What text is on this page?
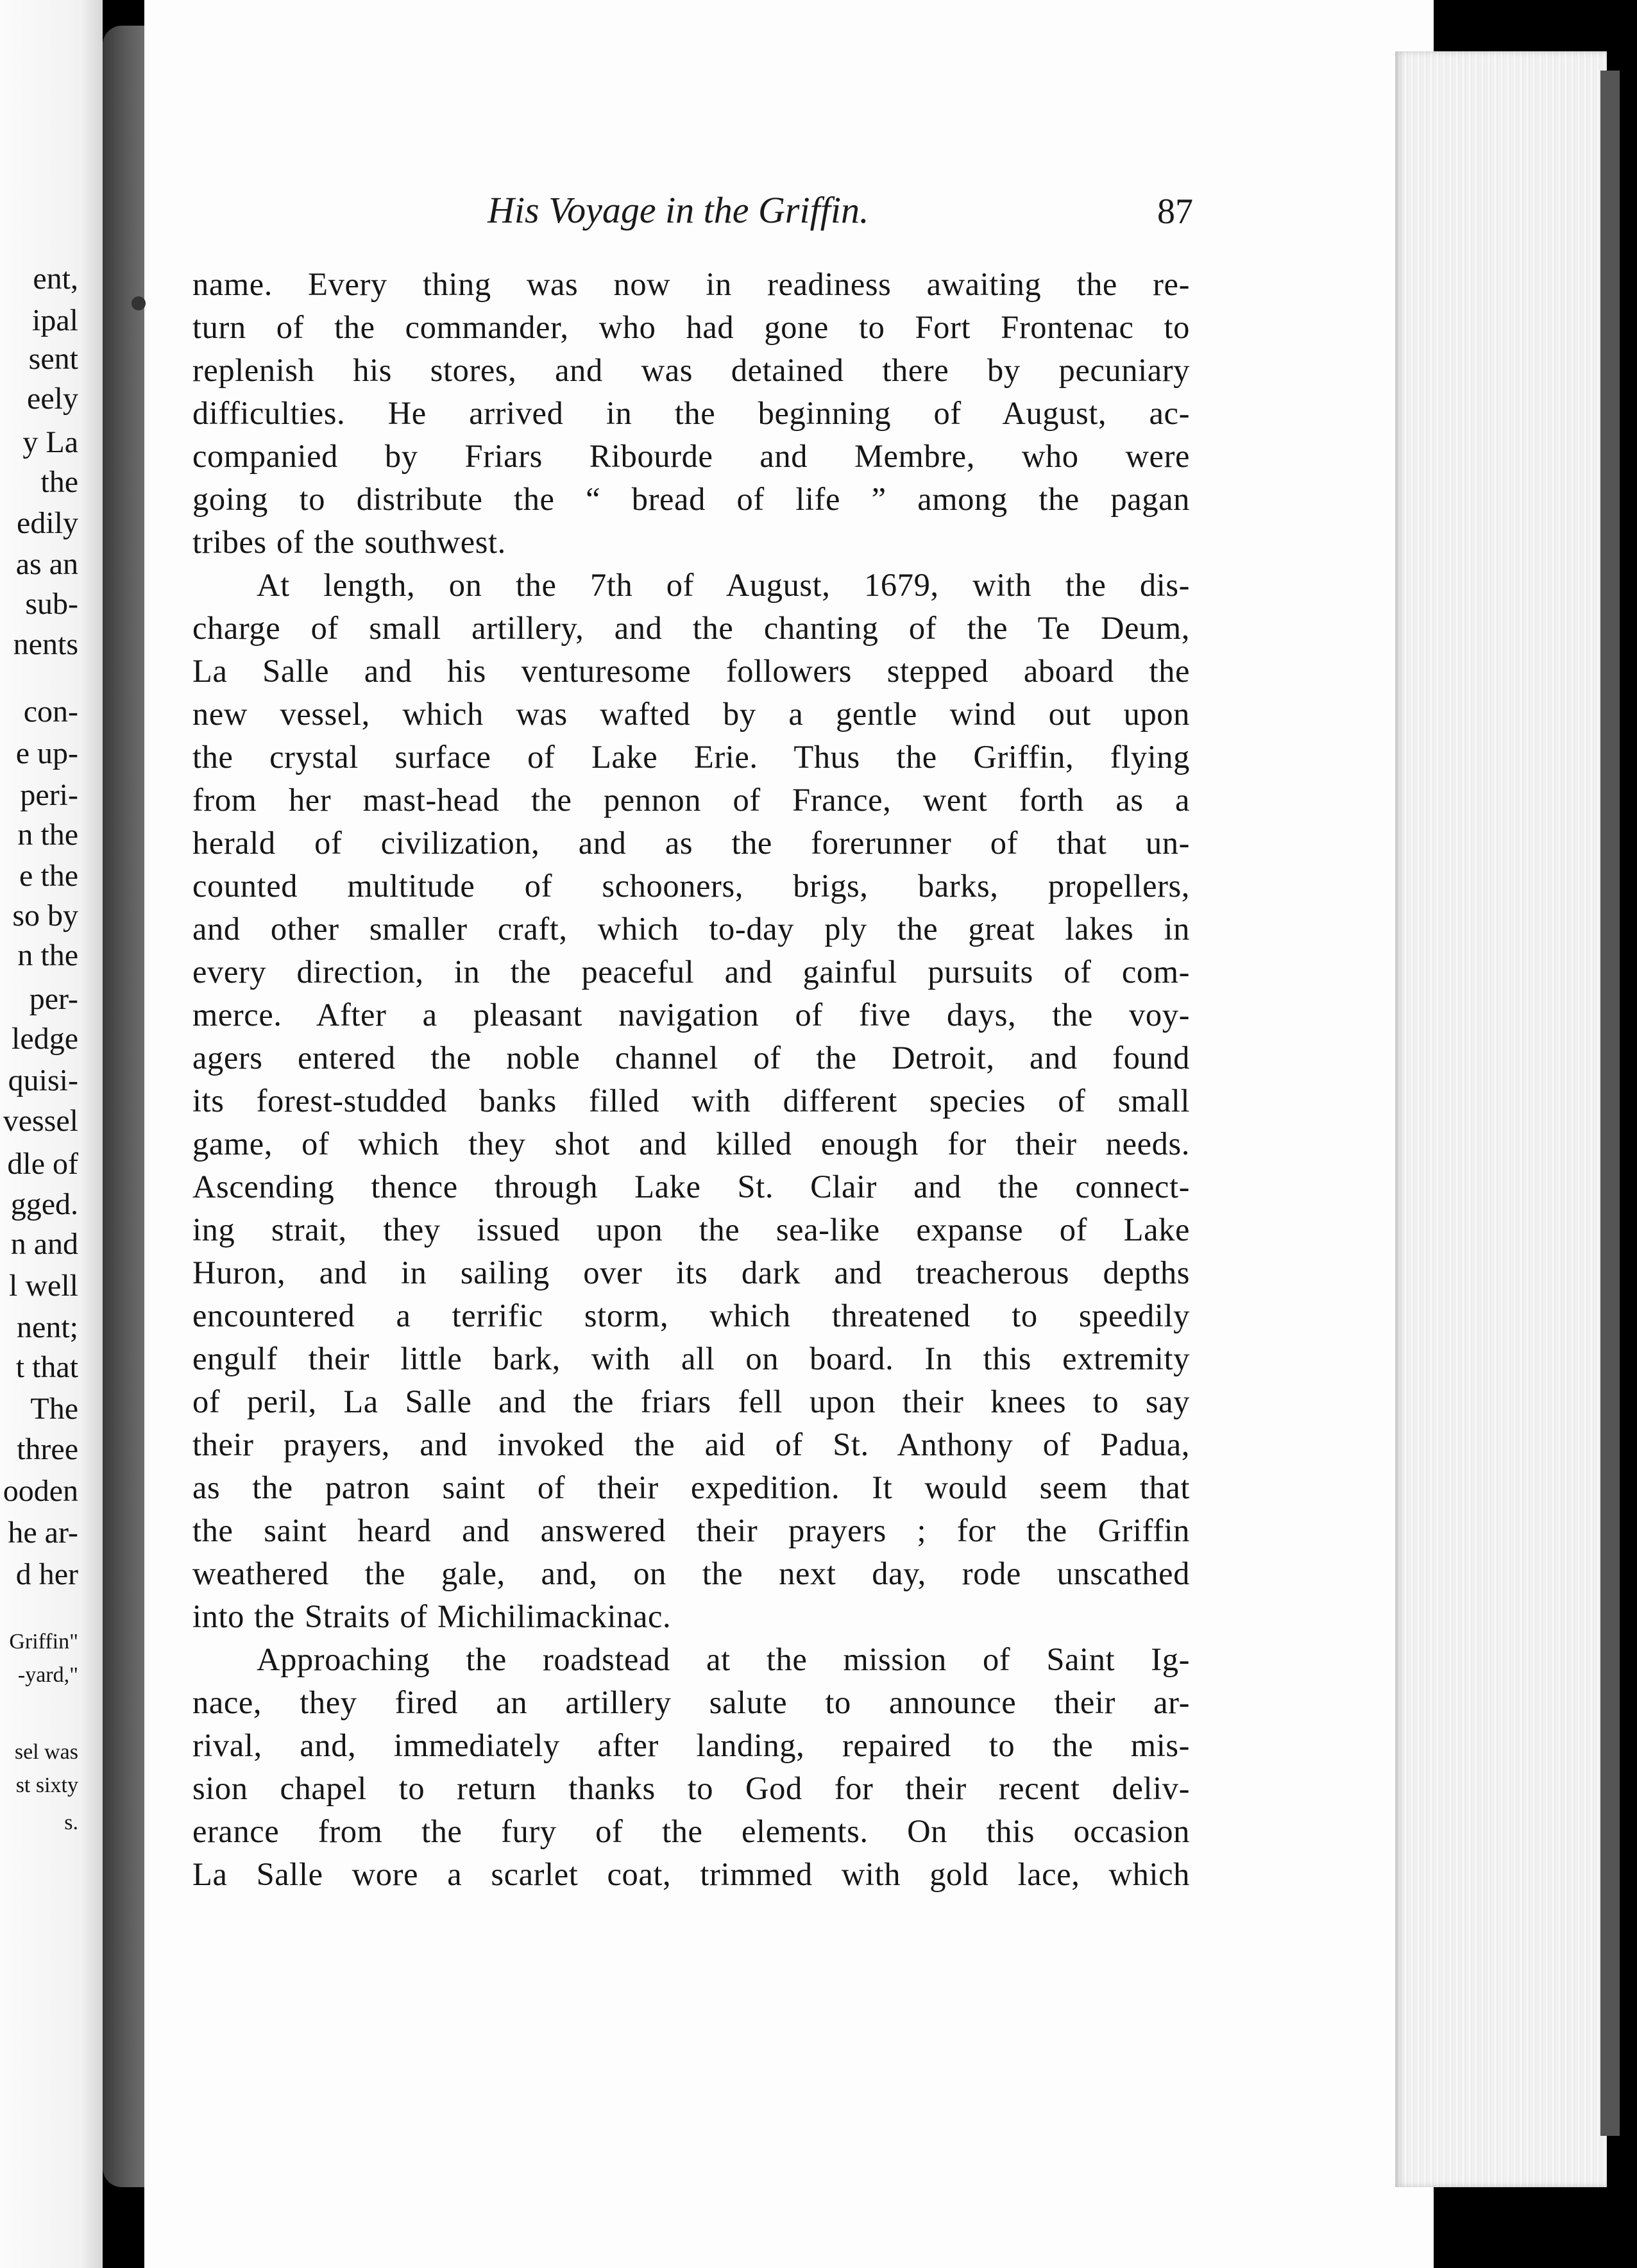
ent,
ipal
sent
eely
y La
the
edily
as an
sub-
nents
con-
e up-
peri-
n the
e the
so by
n the
per-
ledge
quisi-
vessel
dle of
gged.
n and
l well
nent;
t that
The
three
ooden
he ar-
d her
Griffin"
-yard,"
sel was
st sixty
s.
His Voyage in the Griffin.	87
name. Every thing was now in readiness awaiting the re-
turn of the commander, who had gone to Fort Frontenac to
replenish his stores, and was detained there by pecuniary
difficulties. He arrived in the beginning of August, ac-
companied by Friars Ribourde and Membre, who were
going to distribute the “ bread of life ” among the pagan
tribes of the southwest.
At length, on the 7th of August, 1679, with the dis-
charge of small artillery, and the chanting of the Te Deum,
La Salle and his venturesome followers stepped aboard the
new vessel, which was wafted by a gentle wind out upon
the crystal surface of Lake Erie. Thus the Griffin, flying
from her mast-head the pennon of France, went forth as a
herald of civilization, and as the forerunner of that un-
counted multitude of schooners, brigs, barks, propellers,
and other smaller craft, which to-day ply the great lakes in
every direction, in the peaceful and gainful pursuits of com-
merce. After a pleasant navigation of five days, the voy-
agers entered the noble channel of the Detroit, and found
its forest-studded banks filled with different species of small
game, of which they shot and killed enough for their needs.
Ascending thence through Lake St. Clair and the connect-
ing strait, they issued upon the sea-like expanse of Lake
Huron, and in sailing over its dark and treacherous depths
encountered a terrific storm, which threatened to speedily
engulf their little bark, with all on board. In this extremity
of peril, La Salle and the friars fell upon their knees to say
their prayers, and invoked the aid of St. Anthony of Padua,
as the patron saint of their expedition. It would seem that
the saint heard and answered their prayers ; for the Griffin
weathered the gale, and, on the next day, rode unscathed
into the Straits of Michilimackinac.
Approaching the roadstead at the mission of Saint Ig-
nace, they fired an artillery salute to announce their ar-
rival, and, immediately after landing, repaired to the mis-
sion chapel to return thanks to God for their recent deliv-
erance from the fury of the elements. On this occasion
La Salle wore a scarlet coat, trimmed with gold lace, which
